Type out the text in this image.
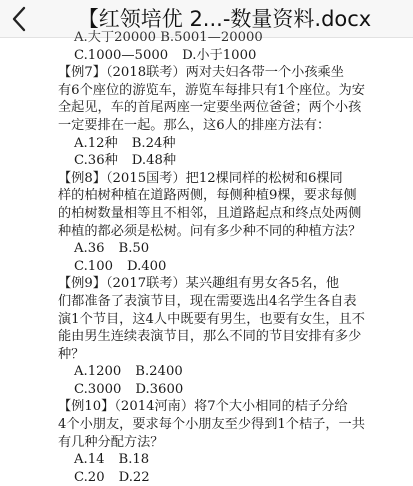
【红领培优 2...-数量资料.docx
A.大丁20000 B.5001—20000
C.1000—5000 D.小于1000
【例7】（2018联考）两对夫妇各带一个小孩乘坐
有6个座位的游览车，游览车每排只有1个座位。为安
全起见，车的首尾两座一定要坐两位爸爸；两个小孩
一定要排在一起。那么，这6人的排座方法有：
A.12种 B.24种
C.36种 D.48种
【例8】（2015国考）把12棵同样的松树和6棵同
样的柏树种植在道路两侧，每侧种植9棵，要求每侧
的柏树数量相等且不相邻，且道路起点和终点处两侧
种植的都必须是松树。问有多少种不同的种植方法？
A.36 B.50
C.100 D.400
【例9】（2017联考）某兴趣组有男女各5名，他
们都准备了表演节目，现在需要选出4名学生各自表
演1个节目，这4人中既要有男生，也要有女生，且不
能由男生连续表演节目，那么不同的节目安排有多少
种？
A.1200 B.2400
C.3000 D.3600
【例10】（2014河南）将7个大小相同的桔子分给
4个小朋友，要求每个小朋友至少得到1个桔子，一共
有几种分配方法？
A.14 B.18
C.20 D.22
